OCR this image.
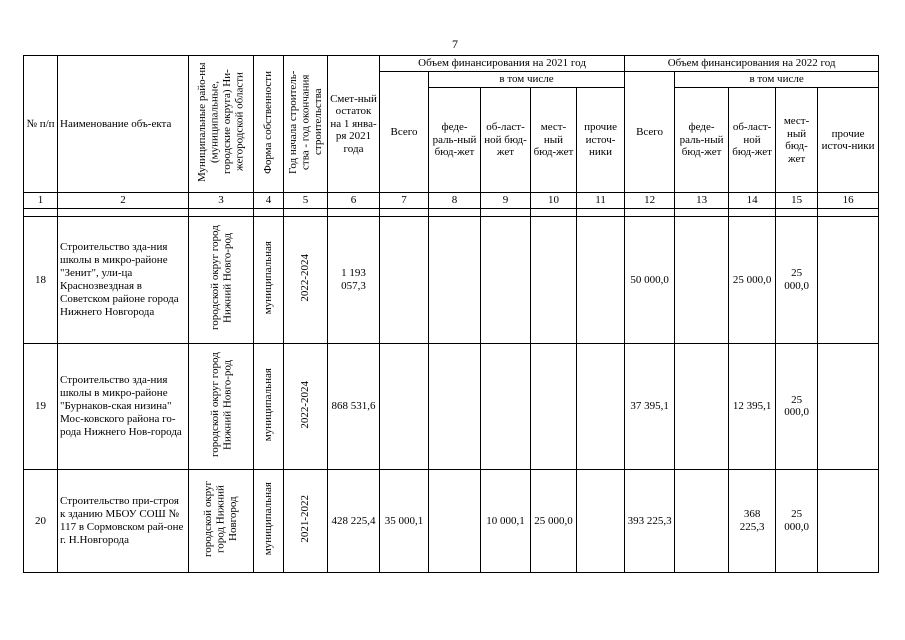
7
№ п/п	Наименование объ-екта	Муниципальные райо-ны (муниципальные, городские округа) Ни-жегородской области	Форма собственности	Год начала строитель-ства - год окончания строительства	Смет-ный остаток на 1 янва-ря 2021 года	Объем финансирования на 2021 год					Объем финансирования на 2022 год				
						Всего	в том числе				Всего	в том числе			
							феде-раль-ный бюд-жет	об-ласт-ной бюд-жет	мест-ный бюд-жет	прочие источ-ники		феде-раль-ный бюд-жет	об-ласт-ной бюд-жет	мест-ный бюд-жет	прочие источ-ники
1	2	3	4	5	6	7	8	9	10	11	12	13	14	15	16

18	Строительство зда-ния школы в микро-районе "Зенит", ули-ца Краснозвездная в Советском районе города Нижнего Новгорода	городской округ город Нижний Новго-род	муниципальная	2022-2024	1 193 057,3						50 000,0		25 000,0	25 000,0	
19	Строительство зда-ния школы в микро-районе "Бурнаков-ская низина" Мос-ковского района го-рода Нижнего Нов-города	городской округ город Нижний Новго-род	муниципальная	2022-2024	868 531,6						37 395,1		12 395,1	25 000,0	
20	Строительство при-строя к зданию МБОУ СОШ № 117 в Сормовском рай-оне г. Н.Новгорода	городской округ город Нижний Новгород	муниципальная	2021-2022	428 225,4	35 000,1		10 000,1	25 000,0		393 225,3		368 225,3	25 000,0	
